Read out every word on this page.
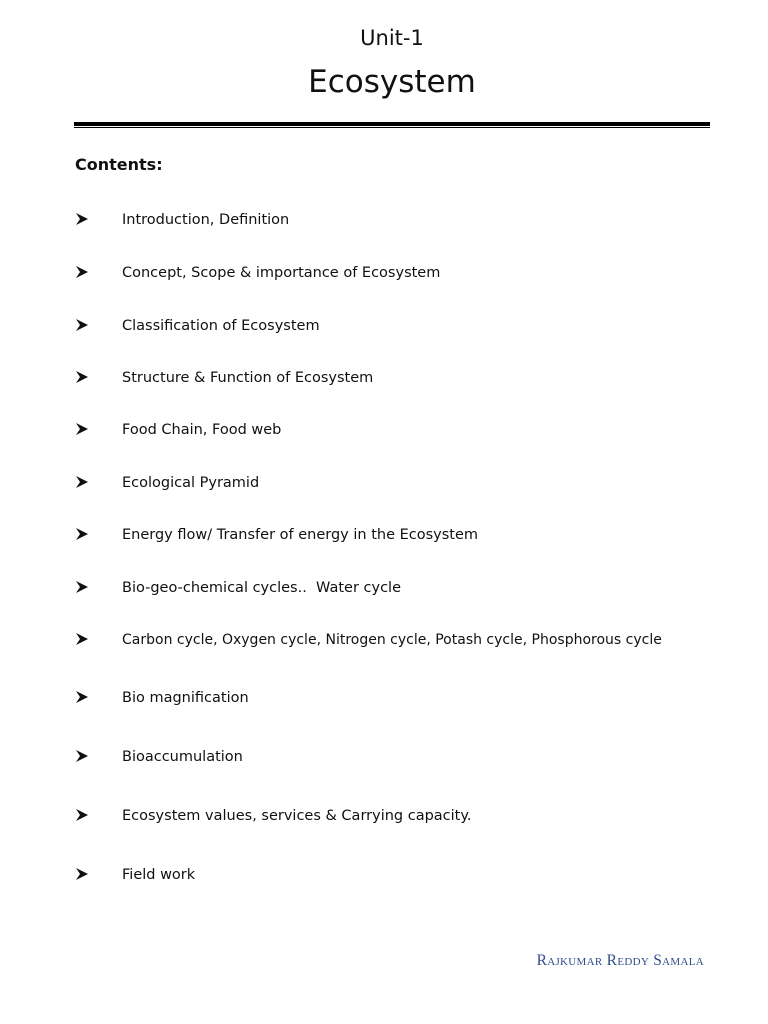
Unit-1
Ecosystem
Contents:
Introduction, Definition
Concept, Scope & importance of Ecosystem
Classification of Ecosystem
Structure & Function of Ecosystem
Food Chain, Food web
Ecological Pyramid
Energy flow/ Transfer of energy in the Ecosystem
Bio-geo-chemical cycles..  Water cycle
Carbon cycle, Oxygen cycle, Nitrogen cycle, Potash cycle, Phosphorous cycle
Bio magnification
Bioaccumulation
Ecosystem values, services & Carrying capacity.
Field work
Rajkumar Reddy Samala
